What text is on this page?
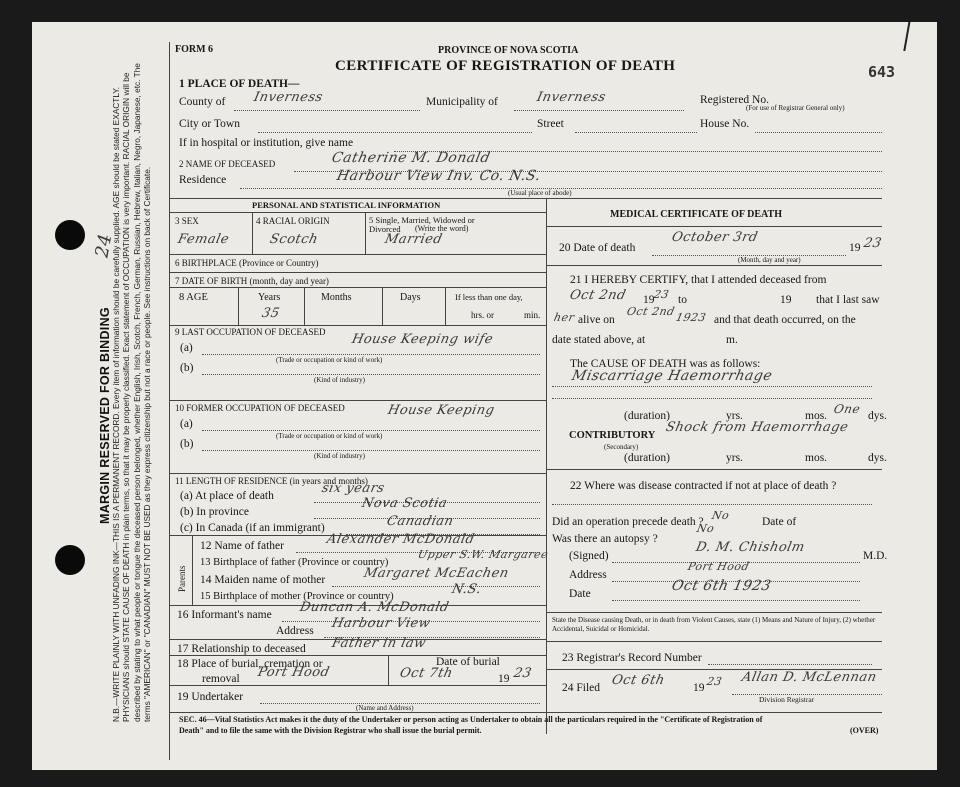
MARGIN RESERVED FOR BINDING N.B.—WRITE PLAINLY WITH UNFADING INK—THIS IS A PERMANENT RECORD. Every item of information should be carefully supplied. AGE should be stated EXACTLY. PHYSICIANS should STATE CAUSE OF DEATH in plain terms, so that it may be properly classified. Exact statement of OCCUPATION is very important. RACIAL ORIGIN will be described by stating to what people or tongue the deceased person belonged, whether English, Irish, Scotch, French, German, Russian, Hebrew, Italian, Negro, Japanese, etc. The terms "AMERICAN" or "CANADIAN" MUST NOT BE USED as they express citizenship but not a race or people. See instructions on back of Certificate.
24
FORM 6	PROVINCE OF NOVA SCOTIA
CERTIFICATE OF REGISTRATION OF DEATH	643
1 PLACE OF DEATH—
County of Inverness	Municipality of	Inverness	Registered No.
(For use of Registrar General only)
City or Town	Street	House No.
If in hospital or institution, give name
2 NAME OF DECEASED	Catherine M. Donald
Residence	Harbour View Inv. Co. N.S.
(Usual place of abode)
PERSONAL AND STATISTICAL INFORMATION
3 SEX	4 RACIAL ORIGIN	5 Single, Married, Widowed or
Divorced (Write the word)
Female	Scotch	Married
6 BIRTHPLACE (Province or Country)
7 DATE OF BIRTH (month, day and year)
8 AGE	Years
35
Months	Days	If less than one day,
hrs. or	min.
9 LAST OCCUPATION OF DECEASED
(a)
House Keeping wife
(Trade or occupation or kind of work)
(b)
(Kind of industry)
10 FORMER OCCUPATION OF DECEASED	House Keeping
(a)
(Trade or occupation or kind of work)
(b)
(Kind of industry)
11 LENGTH OF RESIDENCE (in years and months)
(a) At place of death	six years
(b) In province
Nova Scotia
(c) In Canada (if an immigrant)	Canadian
Parents
12 Name of father	Alexander McDonald
13 Birthplace of father (Province or country)
Upper S.W. Margaree
14 Maiden name of mother	Margaret McEachen
15 Birthplace of mother (Province or country)	N.S.
16 Informant's name Duncan A. McDonald
Address Harbour View
17 Relationship to deceased Father in law
18 Place of burial, cremation or
removal Port Hood
Date of burial
Oct 7th	19 23
19 Undertaker
(Name and Address)
MEDICAL CERTIFICATE OF DEATH
20 Date of death
October 3rd
19 23
(Month, day and year)
21 I HEREBY CERTIFY, that I attended deceased from
Oct 2nd 19
23 to	19 that I last saw
her alive on
Oct 2nd
1923 and that death occurred, on the
date stated above, at	m.
The CAUSE OF DEATH was as follows:
Miscarriage Haemorrhage
(duration)	yrs.	mos. One dys.
CONTRIBUTORY
(Secondary)
Shock from Haemorrhage
(duration)	yrs.	mos.	dys.
22 Where was disease contracted if not at place of death ?
Did an operation precede death ? No	Date of
Was there an autopsy ?
No
(Signed)
D. M. Chisholm
M.D.
Address
Port Hood
Date	Oct 6th 1923
State the Disease causing Death, or in death from Violent Causes, state (1) Means and Nature of Injury, (2) whether Accidental, Suicidal or Homicidal.
23 Registrar's Record Number
24 Filed Oct 6th 19 23 Allan D. McLennan
Division Registrar
SEC. 46—Vital Statistics Act makes it the duty of the Undertaker or person acting as Undertaker to obtain all the particulars required in the "Certificate of Registration of
Death" and to file the same with the Division Registrar who shall issue the burial permit.	(OVER)
